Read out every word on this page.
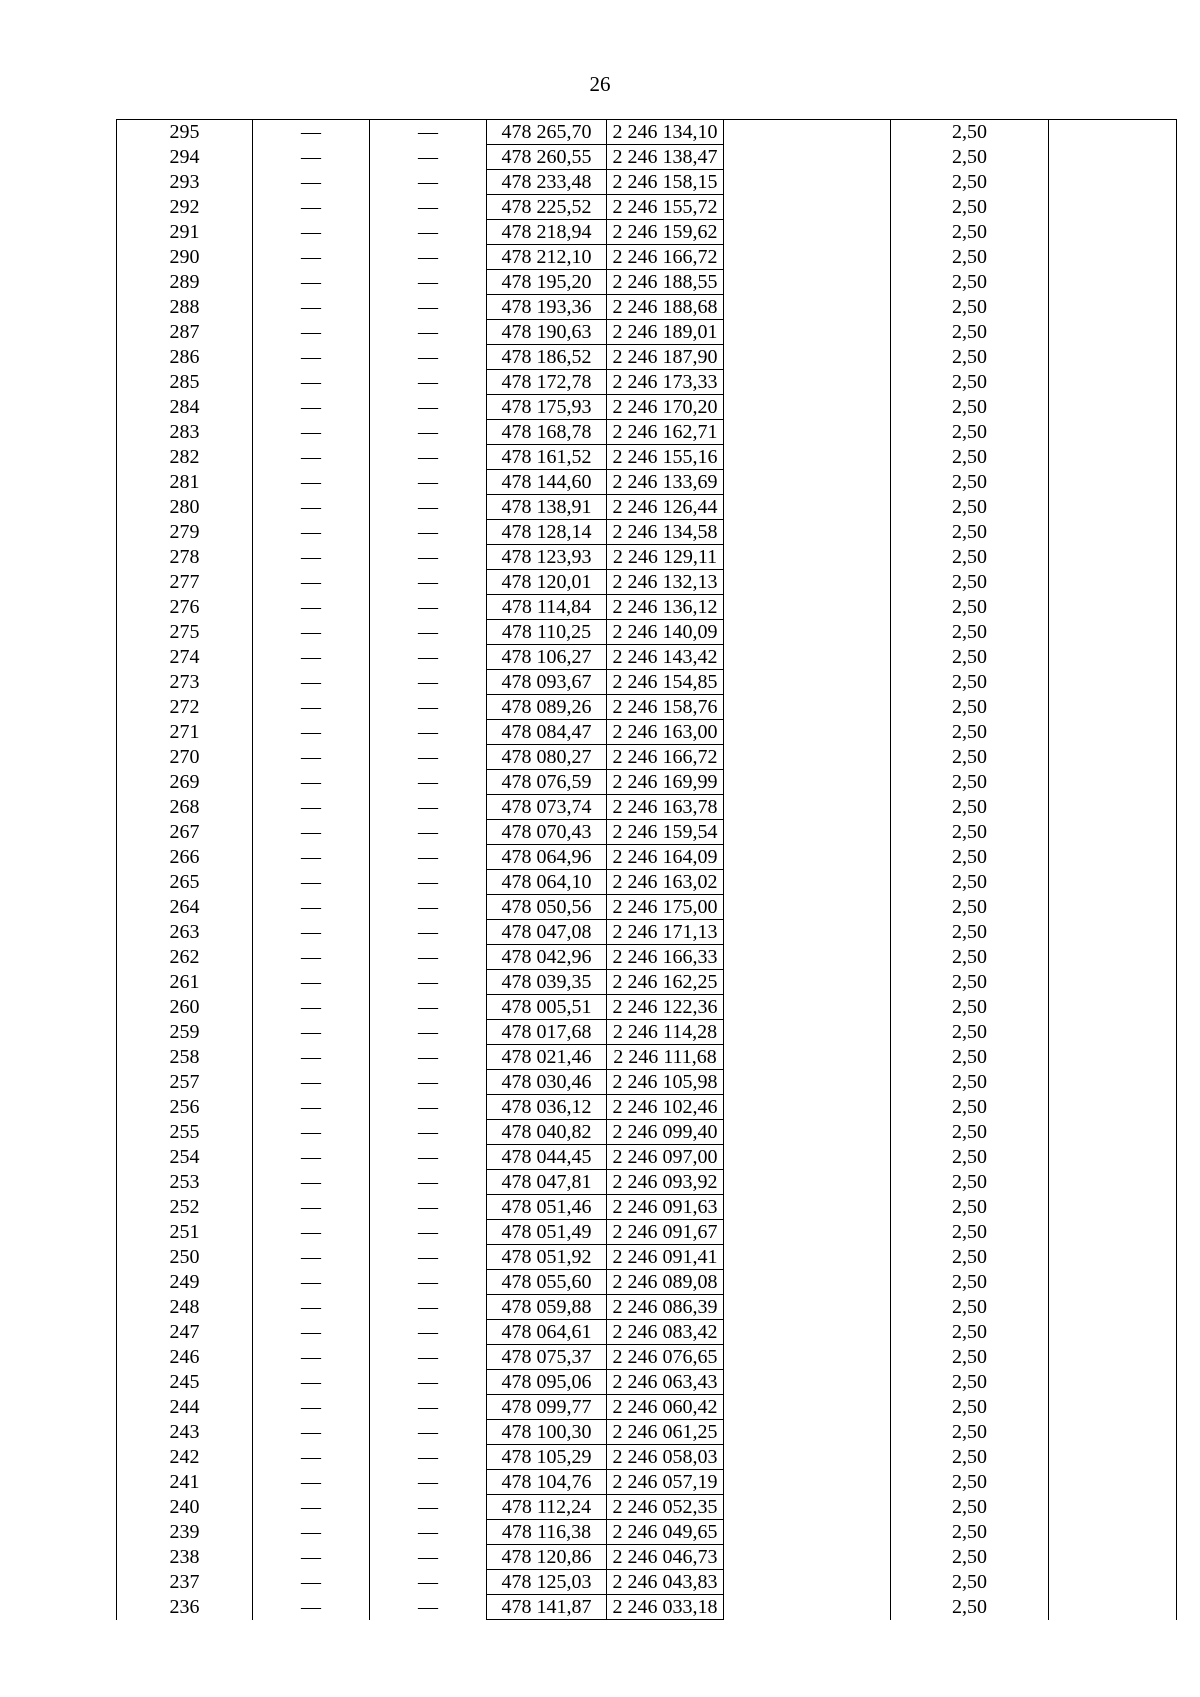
26
295	—	—	478 265,70	2 246 134,10		2,50	
294	—	—	478 260,55	2 246 138,47		2,50	
293	—	—	478 233,48	2 246 158,15		2,50	
292	—	—	478 225,52	2 246 155,72		2,50	
291	—	—	478 218,94	2 246 159,62		2,50	
290	—	—	478 212,10	2 246 166,72		2,50	
289	—	—	478 195,20	2 246 188,55		2,50	
288	—	—	478 193,36	2 246 188,68		2,50	
287	—	—	478 190,63	2 246 189,01		2,50	
286	—	—	478 186,52	2 246 187,90		2,50	
285	—	—	478 172,78	2 246 173,33		2,50	
284	—	—	478 175,93	2 246 170,20		2,50	
283	—	—	478 168,78	2 246 162,71		2,50	
282	—	—	478 161,52	2 246 155,16		2,50	
281	—	—	478 144,60	2 246 133,69		2,50	
280	—	—	478 138,91	2 246 126,44		2,50	
279	—	—	478 128,14	2 246 134,58		2,50	
278	—	—	478 123,93	2 246 129,11		2,50	
277	—	—	478 120,01	2 246 132,13		2,50	
276	—	—	478 114,84	2 246 136,12		2,50	
275	—	—	478 110,25	2 246 140,09		2,50	
274	—	—	478 106,27	2 246 143,42		2,50	
273	—	—	478 093,67	2 246 154,85		2,50	
272	—	—	478 089,26	2 246 158,76		2,50	
271	—	—	478 084,47	2 246 163,00		2,50	
270	—	—	478 080,27	2 246 166,72		2,50	
269	—	—	478 076,59	2 246 169,99		2,50	
268	—	—	478 073,74	2 246 163,78		2,50	
267	—	—	478 070,43	2 246 159,54		2,50	
266	—	—	478 064,96	2 246 164,09		2,50	
265	—	—	478 064,10	2 246 163,02		2,50	
264	—	—	478 050,56	2 246 175,00		2,50	
263	—	—	478 047,08	2 246 171,13		2,50	
262	—	—	478 042,96	2 246 166,33		2,50	
261	—	—	478 039,35	2 246 162,25		2,50	
260	—	—	478 005,51	2 246 122,36		2,50	
259	—	—	478 017,68	2 246 114,28		2,50	
258	—	—	478 021,46	2 246 111,68		2,50	
257	—	—	478 030,46	2 246 105,98		2,50	
256	—	—	478 036,12	2 246 102,46		2,50	
255	—	—	478 040,82	2 246 099,40		2,50	
254	—	—	478 044,45	2 246 097,00		2,50	
253	—	—	478 047,81	2 246 093,92		2,50	
252	—	—	478 051,46	2 246 091,63		2,50	
251	—	—	478 051,49	2 246 091,67		2,50	
250	—	—	478 051,92	2 246 091,41		2,50	
249	—	—	478 055,60	2 246 089,08		2,50	
248	—	—	478 059,88	2 246 086,39		2,50	
247	—	—	478 064,61	2 246 083,42		2,50	
246	—	—	478 075,37	2 246 076,65		2,50	
245	—	—	478 095,06	2 246 063,43		2,50	
244	—	—	478 099,77	2 246 060,42		2,50	
243	—	—	478 100,30	2 246 061,25		2,50	
242	—	—	478 105,29	2 246 058,03		2,50	
241	—	—	478 104,76	2 246 057,19		2,50	
240	—	—	478 112,24	2 246 052,35		2,50	
239	—	—	478 116,38	2 246 049,65		2,50	
238	—	—	478 120,86	2 246 046,73		2,50	
237	—	—	478 125,03	2 246 043,83		2,50	
236	—	—	478 141,87	2 246 033,18		2,50	
